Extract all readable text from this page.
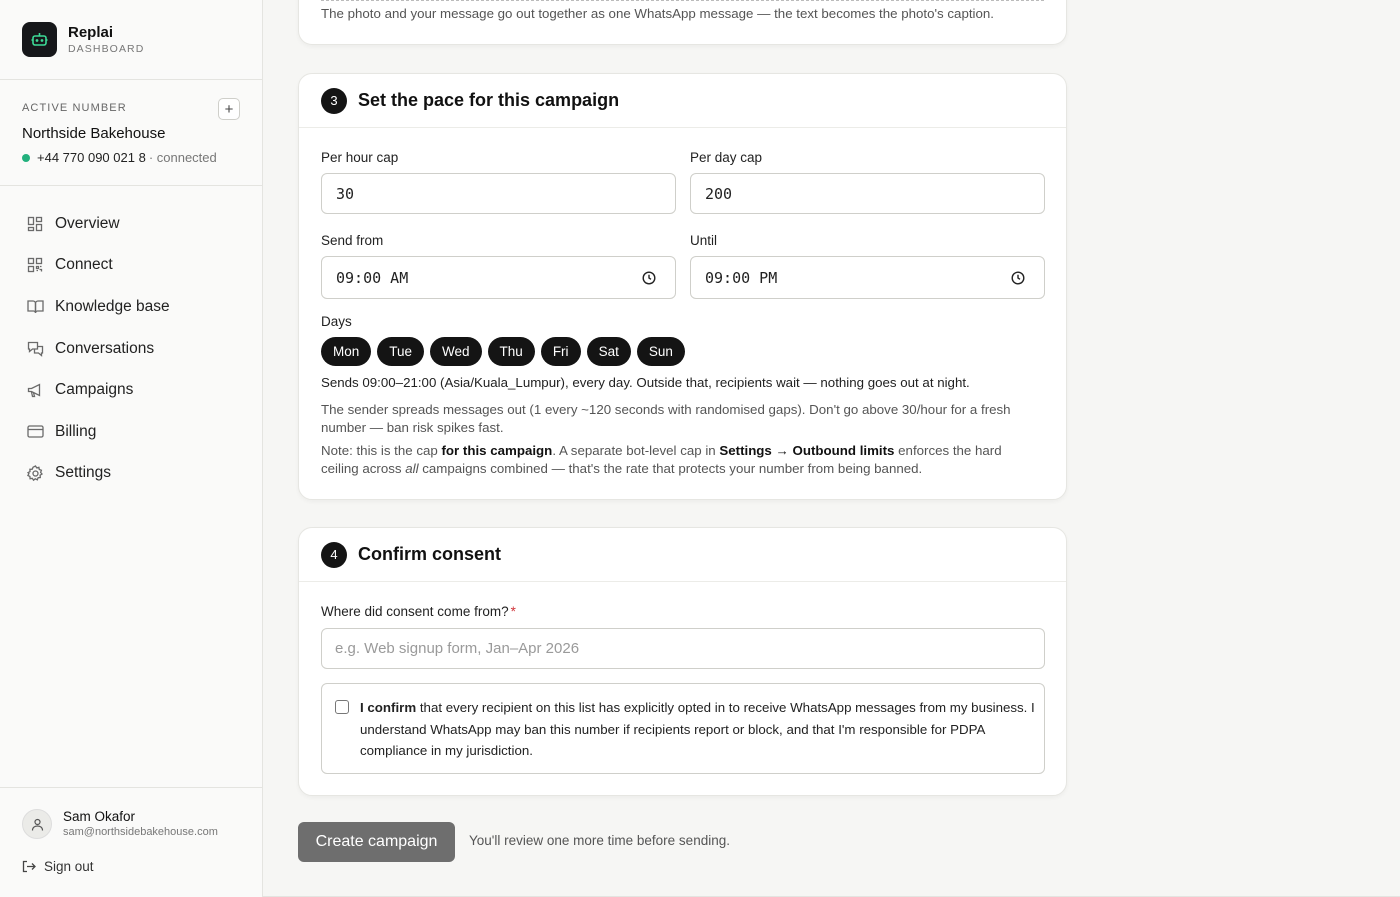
Replai
DASHBOARD
ACTIVE NUMBER	+
Northside Bakehouse
+44 770 090 021 8 · connected
Overview
Connect
Knowledge base
Conversations
Campaigns
Billing
Settings
Sam Okafor
sam@northsidebakehouse.com
Sign out
The photo and your message go out together as one WhatsApp message — the text becomes the photo's caption.
3	Set the pace for this campaign
Per hour cap
30
Per day cap
200
Send from
09:00 AM
Until
09:00 PM
Days
Mon	Tue	Wed	Thu	Fri	Sat	Sun
Sends 09:00–21:00 (Asia/Kuala_Lumpur), every day. Outside that, recipients wait — nothing goes out at night.
The sender spreads messages out (1 every ~120 seconds with randomised gaps). Don't go above 30/hour for a fresh number — ban risk spikes fast.
Note: this is the cap for this campaign. A separate bot-level cap in Settings → Outbound limits enforces the hard ceiling across all campaigns combined — that's the rate that protects your number from being banned.
4	Confirm consent
Where did consent come from? *
e.g. Web signup form, Jan–Apr 2026
I confirm that every recipient on this list has explicitly opted in to receive WhatsApp messages from my business. I understand WhatsApp may ban this number if recipients report or block, and that I'm responsible for PDPA compliance in my jurisdiction.
Create campaign	You'll review one more time before sending.
